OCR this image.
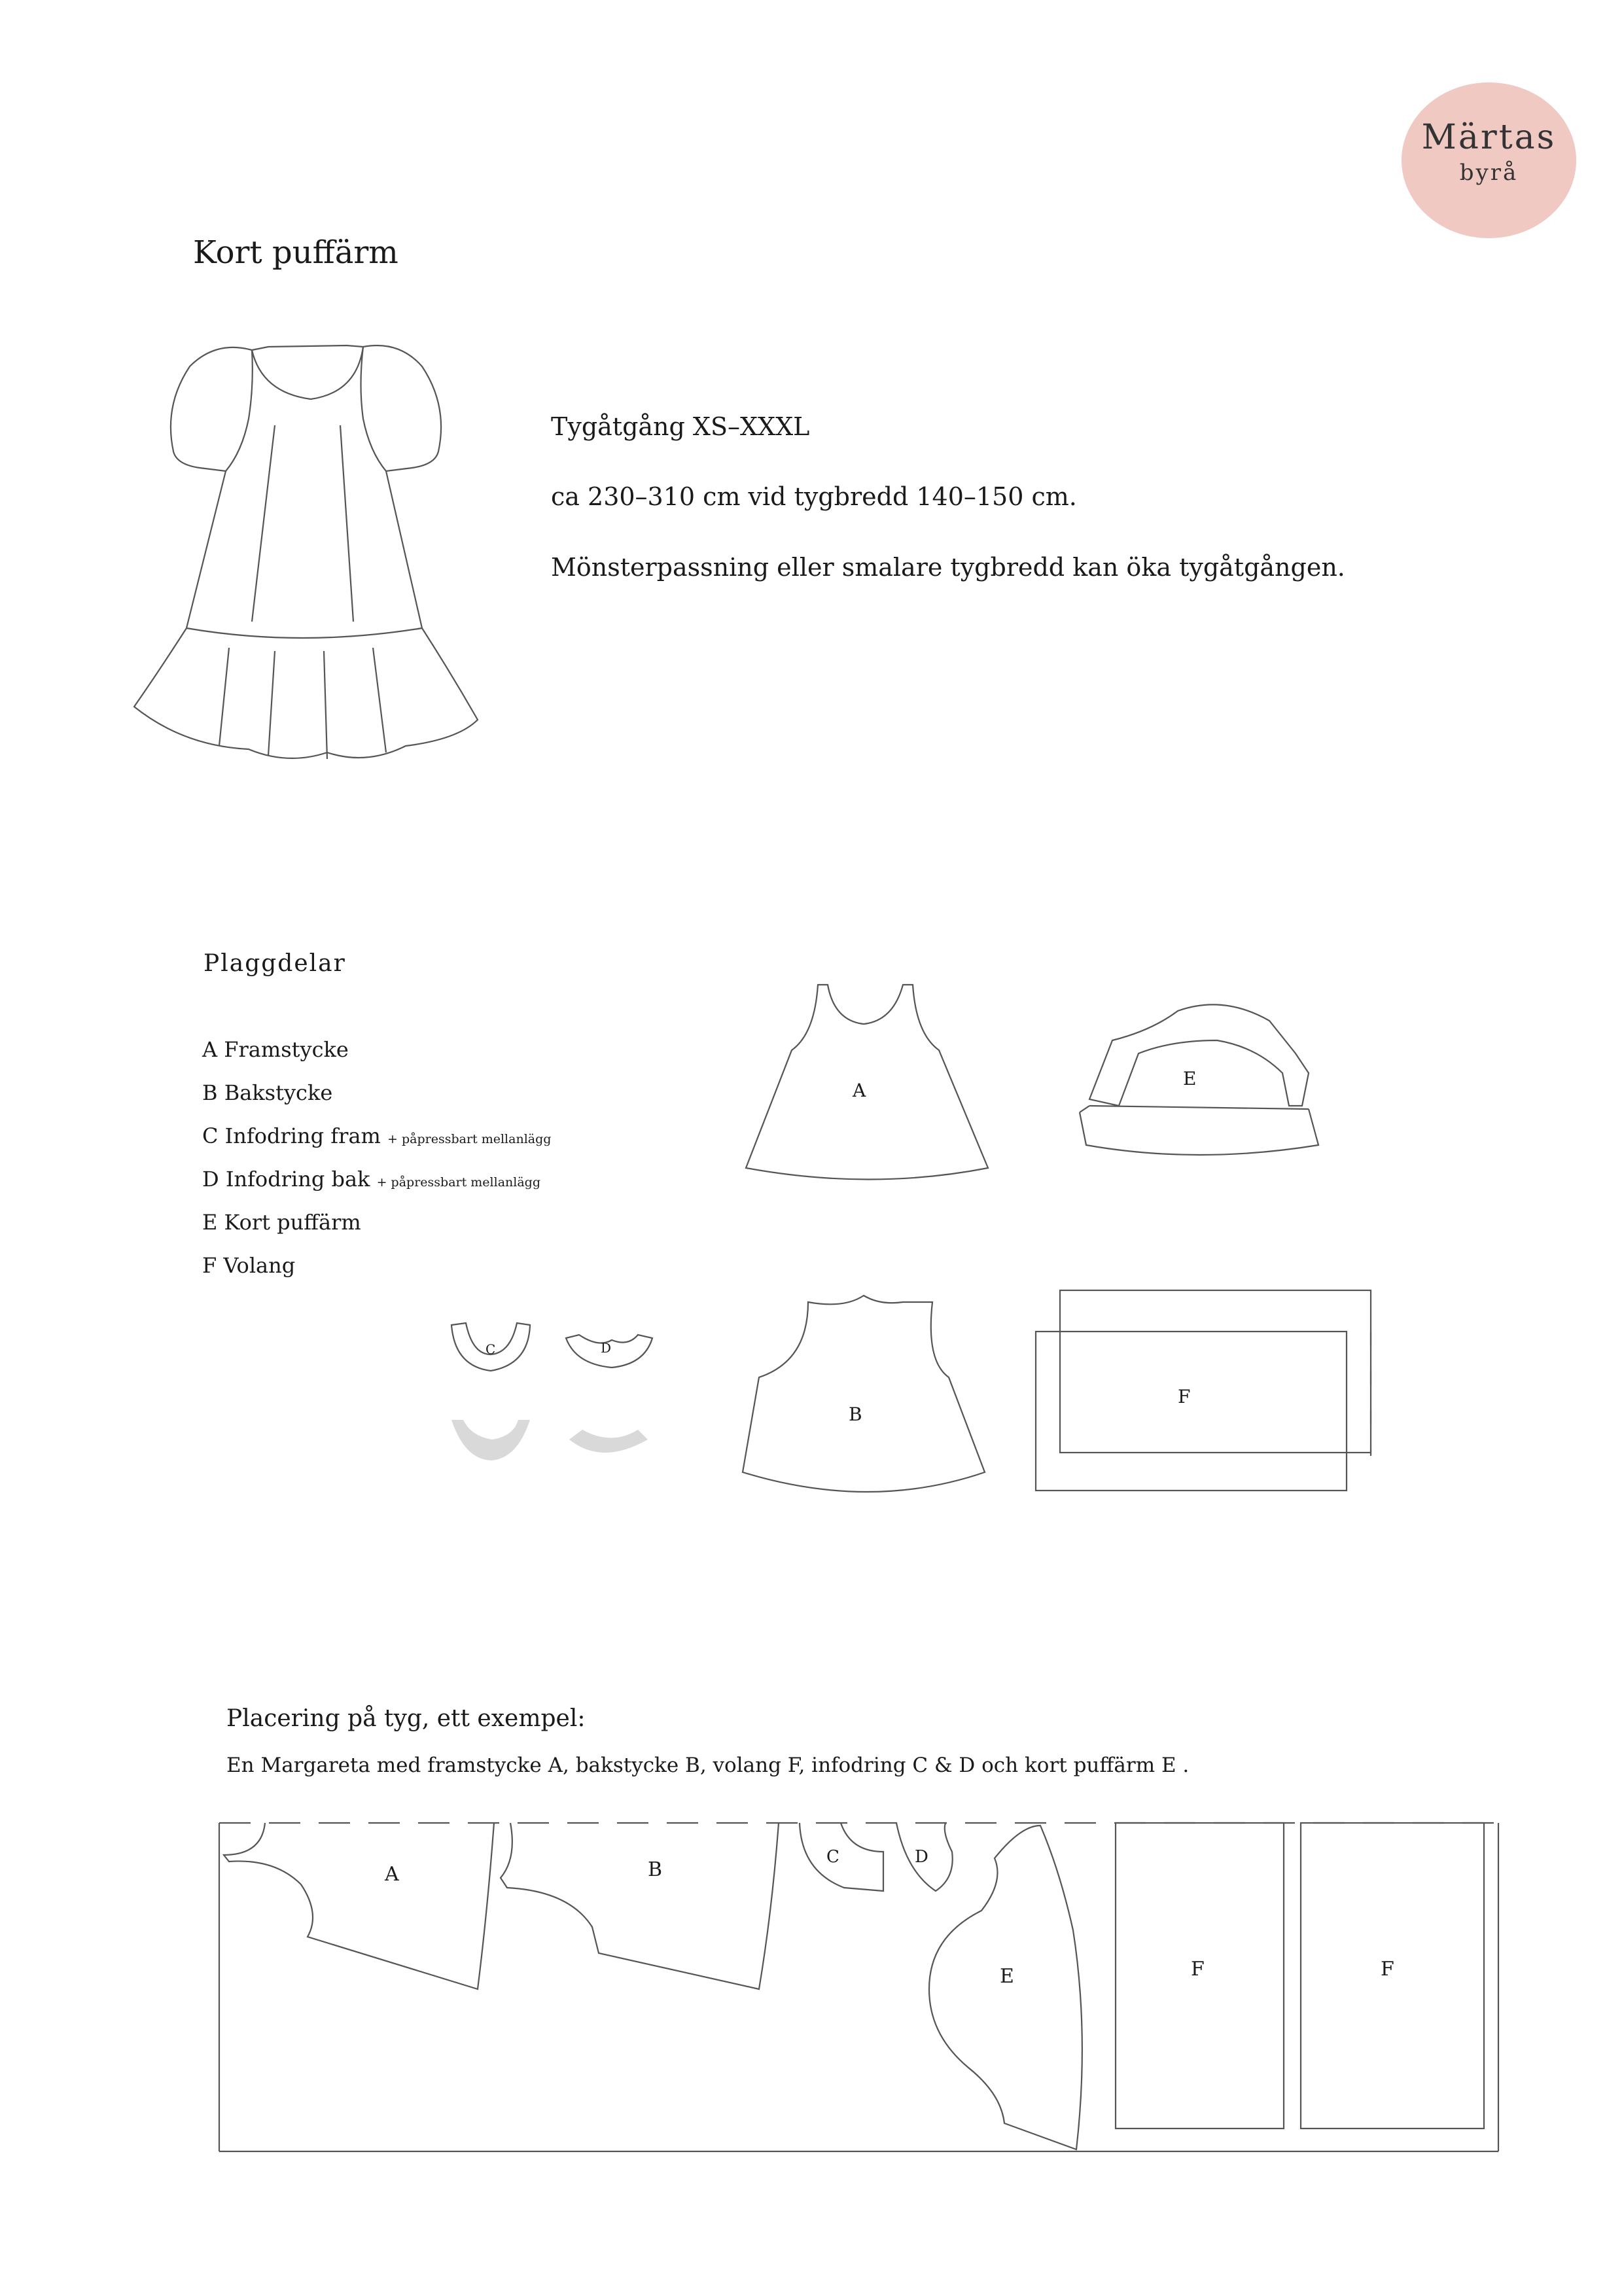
Märtas
byrå
Kort puffärm
Tygåtgång XS–XXXL
ca 230–310 cm vid tygbredd 140–150 cm.
Mönsterpassning eller smalare tygbredd kan öka tygåtgången.
Plaggdelar
A Framstycke
B Bakstycke
C Infodring fram + påpressbart mellanlägg
D Infodring bak + påpressbart mellanlägg
E Kort puffärm
F Volang
Placering på tyg, ett exempel:
En Margareta med framstycke A, bakstycke B, volang F, infodring C & D och kort puffärm E .
A
B
C	D
E
F
A	B
C	D
E	F	F
